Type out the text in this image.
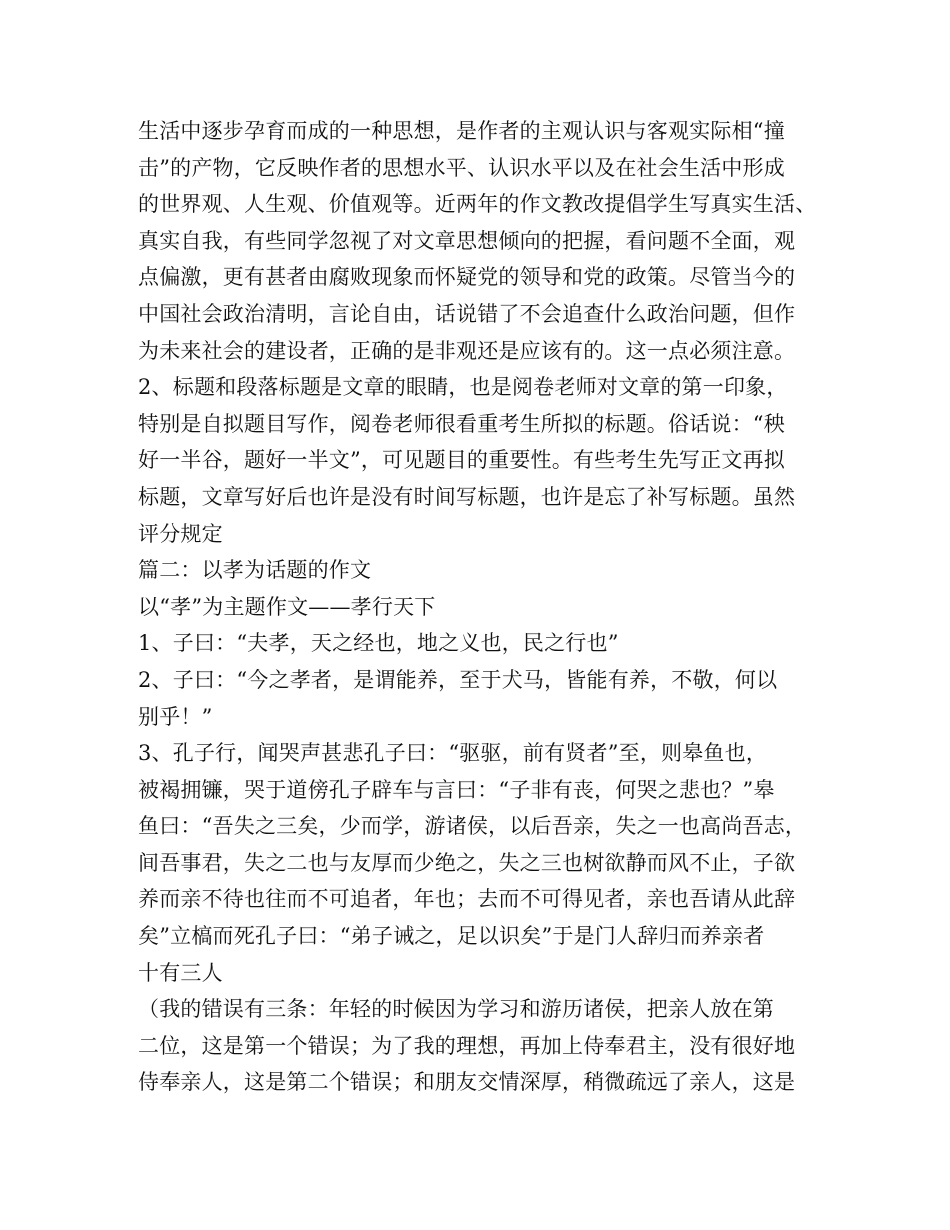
生活中逐步孕育而成的一种思想，是作者的主观认识与客观实际相“撞
击”的产物，它反映作者的思想水平、认识水平以及在社会生活中形成
的世界观、人生观、价值观等。近两年的作文教改提倡学生写真实生活、
真实自我，有些同学忽视了对文章思想倾向的把握，看问题不全面，观
点偏激，更有甚者由腐败现象而怀疑党的领导和党的政策。尽管当今的
中国社会政治清明，言论自由，话说错了不会追查什么政治问题，但作
为未来社会的建设者，正确的是非观还是应该有的。这一点必须注意。
2、标题和段落标题是文章的眼睛，也是阅卷老师对文章的第一印象，
特别是自拟题目写作，阅卷老师很看重考生所拟的标题。俗话说：“秧
好一半谷，题好一半文”，可见题目的重要性。有些考生先写正文再拟
标题，文章写好后也许是没有时间写标题，也许是忘了补写标题。虽然
评分规定
篇二：以孝为话题的作文
以“孝”为主题作文——孝行天下
1、子曰：“夫孝，天之经也，地之义也，民之行也”
2、子曰：“今之孝者，是谓能养，至于犬马，皆能有养，不敬，何以
别乎！”
3、孔子行，闻哭声甚悲孔子曰：“驱驱，前有贤者”至，则皋鱼也，
被褐拥镰，哭于道傍孔子辟车与言曰：“子非有丧，何哭之悲也？”皋
鱼曰：“吾失之三矣，少而学，游诸侯，以后吾亲，失之一也高尚吾志，
间吾事君，失之二也与友厚而少绝之，失之三也树欲静而风不止，子欲
养而亲不待也往而不可追者，年也；去而不可得见者，亲也吾请从此辞
矣”立槁而死孔子曰：“弟子诫之，足以识矣”于是门人辞归而养亲者
十有三人
（我的错误有三条：年轻的时候因为学习和游历诸侯，把亲人放在第
二位，这是第一个错误；为了我的理想，再加上侍奉君主，没有很好地
侍奉亲人，这是第二个错误；和朋友交情深厚，稍微疏远了亲人，这是
